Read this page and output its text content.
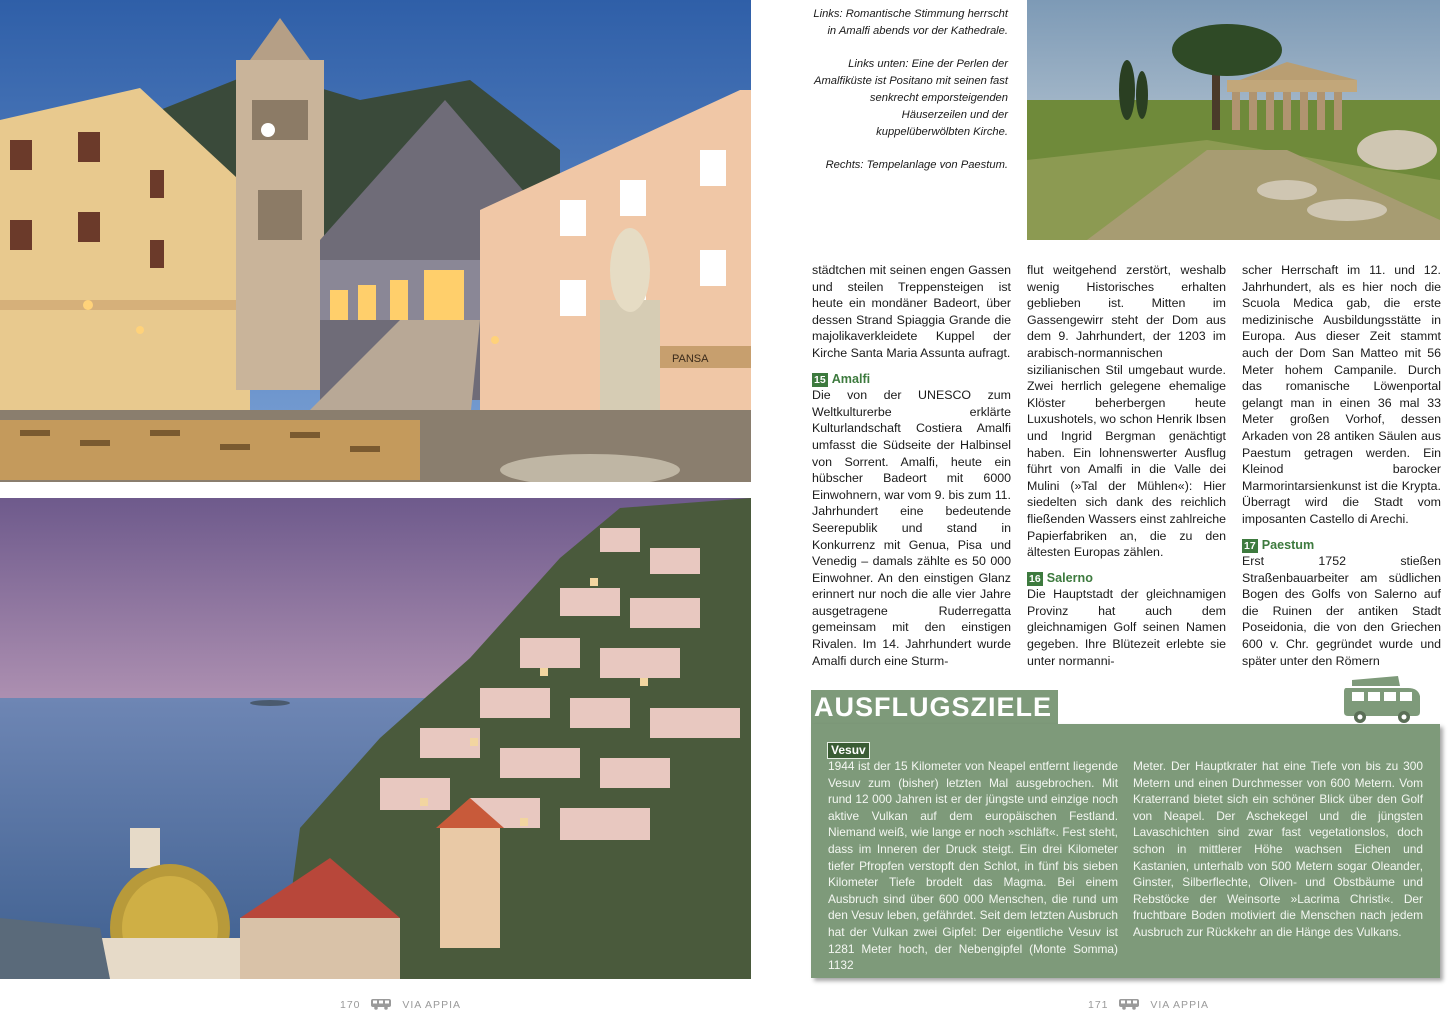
PANSA

Links: Romantische Stimmung herrscht in Amalfi abends vor der Kathedrale.

Links unten: Eine der Perlen der Amalfiküste ist Positano mit seinen fast senkrecht emporsteigenden Häuserzeilen und der kuppelüberwölbten Kirche.

Rechts: Tempelanlage von Paestum.

städtchen mit seinen engen Gassen und steilen Treppensteigen ist heute ein mondäner Badeort, über dessen Strand Spiaggia Grande die majolikaverkleidete Kuppel der Kirche Santa Maria Assunta aufragt.

15 Amalfi

Die von der UNESCO zum Weltkulturerbe erklärte Kulturlandschaft Costiera Amalfi umfasst die Südseite der Halbinsel von Sorrent. Amalfi, heute ein hübscher Badeort mit 6000 Einwohnern, war vom 9. bis zum 11. Jahrhundert eine bedeutende Seerepublik und stand in Konkurrenz mit Genua, Pisa und Venedig – damals zählte es 50 000 Einwohner. An den einstigen Glanz erinnert nur noch die alle vier Jahre ausgetragene Ruderregatta gemeinsam mit den einstigen Rivalen. Im 14. Jahrhundert wurde Amalfi durch eine Sturm-

flut weitgehend zerstört, weshalb wenig Historisches erhalten geblieben ist. Mitten im Gassengewirr steht der Dom aus dem 9. Jahrhundert, der 1203 im arabisch-normannischen sizilianischen Stil umgebaut wurde. Zwei herrlich gelegene ehemalige Klöster beherbergen heute Luxushotels, wo schon Henrik Ibsen und Ingrid Bergman genächtigt haben. Ein lohnenswerter Ausflug führt von Amalfi in die Valle dei Mulini (»Tal der Mühlen«): Hier siedelten sich dank des reichlich fließenden Wassers einst zahlreiche Papierfabriken an, die zu den ältesten Europas zählen.

16 Salerno

Die Hauptstadt der gleichnamigen Provinz hat auch dem gleichnamigen Golf seinen Namen gegeben. Ihre Blütezeit erlebte sie unter normanni-

scher Herrschaft im 11. und 12. Jahrhundert, als es hier noch die Scuola Medica gab, die erste medizinische Ausbildungsstätte in Europa. Aus dieser Zeit stammt auch der Dom San Matteo mit 56 Meter hohem Campanile. Durch das romanische Löwenportal gelangt man in einen 36 mal 33 Meter großen Vorhof, dessen Arkaden von 28 antiken Säulen aus Paestum getragen werden. Ein Kleinod barocker Marmorintarsienkunst ist die Krypta. Überragt wird die Stadt vom imposanten Castello di Arechi.

17 Paestum

Erst 1752 stießen Straßenbauarbeiter am südlichen Bogen des Golfs von Salerno auf die Ruinen der antiken Stadt Poseidonia, die von den Griechen 600 v. Chr. gegründet wurde und später unter den Römern

AUSFLUGSZIELE
Vesuv

1944 ist der 15 Kilometer von Neapel entfernt liegende Vesuv zum (bisher) letzten Mal ausgebrochen. Mit rund 12 000 Jahren ist er der jüngste und einzige noch aktive Vulkan auf dem europäischen Festland. Niemand weiß, wie lange er noch »schläft«. Fest steht, dass im Inneren der Druck steigt. Ein drei Kilometer tiefer Pfropfen verstopft den Schlot, in fünf bis sieben Kilometer Tiefe brodelt das Magma. Bei einem Ausbruch sind über 600 000 Menschen, die rund um den Vesuv leben, gefährdet. Seit dem letzten Ausbruch hat der Vulkan zwei Gipfel: Der eigentliche Vesuv ist 1281 Meter hoch, der Nebengipfel (Monte Somma) 1132

Meter. Der Hauptkrater hat eine Tiefe von bis zu 300 Metern und einen Durchmesser von 600 Metern. Vom Kraterrand bietet sich ein schöner Blick über den Golf von Neapel. Der Aschekegel und die jüngsten Lavaschichten sind zwar fast vegetationslos, doch schon in mittlerer Höhe wachsen Eichen und Kastanien, unterhalb von 500 Metern sogar Oleander, Ginster, Silberflechte, Oliven- und Obstbäume und Rebstöcke der Weinsorte »Lacrima Christi«. Der fruchtbare Boden motiviert die Menschen nach jedem Ausbruch zur Rückkehr an die Hänge des Vulkans.

170	VIA APPIA	171	VIA APPIA
